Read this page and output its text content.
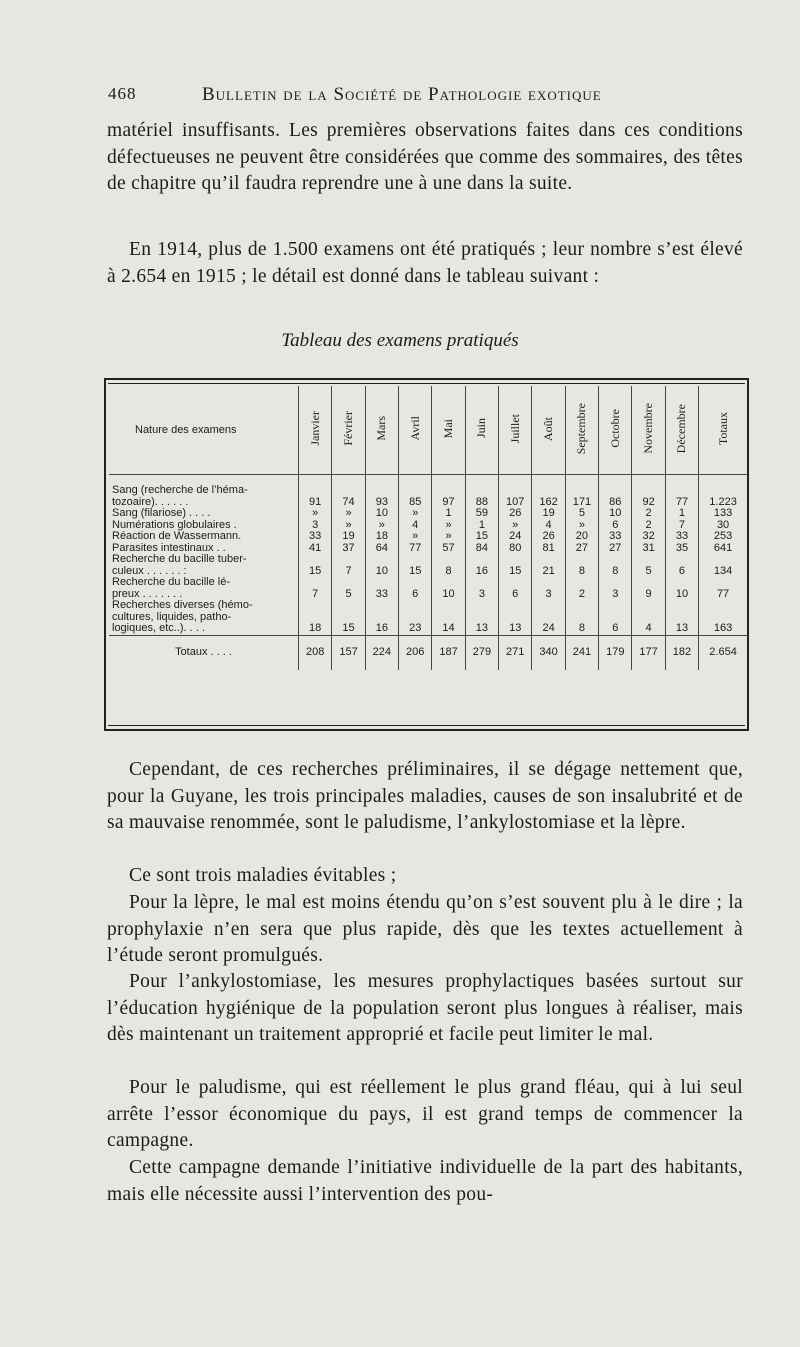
468	Bulletin de la Société de Pathologie exotique

matériel insuffisants. Les premières observations faites dans ces conditions défectueuses ne peuvent être considérées que comme des sommaires, des têtes de chapitre qu’il faudra reprendre une à une dans la suite.

En 1914, plus de 1.500 examens ont été pratiqués ; leur nombre s’est élevé à 2.654 en 1915 ; le détail est donné dans le tableau suivant :

Tableau des examens pratiqués
Nature des examens	Janvier	Février	Mars	Avril	Mai	Juin	Juillet	Août	Septembre	Octobre	Novembre	Décembre	Totaux

Sang (recherche de l’héma-
tozoaire). . . . . .	91	74	93	85	97	88	107	162	171	86	92	77	1.223

Sang (filariose) . . . .	»	»	10	»	1	59	26	19	5	10	2	1	133

Numérations globulaires .	3	»	»	4	»	1	»	4	»	6	2	7	30

Réaction de Wassermann.	33	19	18	»	»	15	24	26	20	33	32	33	253

Parasites intestinaux . .	41	37	64	77	57	84	80	81	27	27	31	35	641

Recherche du bacille tuber-
culeux . . . . . . :	15	7	10	15	8	16	15	21	8	8	5	6	134

Recherche du bacille lé-
preux . . . . . . .	7	5	33	6	10	3	6	3	2	3	9	10	77

Recherches diverses (hémo-
cultures, liquides, patho-
logiques, etc..). . . .	18	15	16	23	14	13	13	24	8	6	4	13	163
Totaux . . . .	208	157	224	206	187	279	271	340	241	179	177	182	2.654

Cependant, de ces recherches préliminaires, il se dégage nettement que, pour la Guyane, les trois principales maladies, causes de son insalubrité et de sa mauvaise renommée, sont le paludisme, l’ankylostomiase et la lèpre.

Ce sont trois maladies évitables ;

Pour la lèpre, le mal est moins étendu qu’on s’est souvent plu à le dire ; la prophylaxie n’en sera que plus rapide, dès que les textes actuellement à l’étude seront promulgués.

Pour l’ankylostomiase, les mesures prophylactiques basées surtout sur l’éducation hygiénique de la population seront plus longues à réaliser, mais dès maintenant un traitement approprié et facile peut limiter le mal.

Pour le paludisme, qui est réellement le plus grand fléau, qui à lui seul arrête l’essor économique du pays, il est grand temps de commencer la campagne.

Cette campagne demande l’initiative individuelle de la part des habitants, mais elle nécessite aussi l’intervention des pou-
